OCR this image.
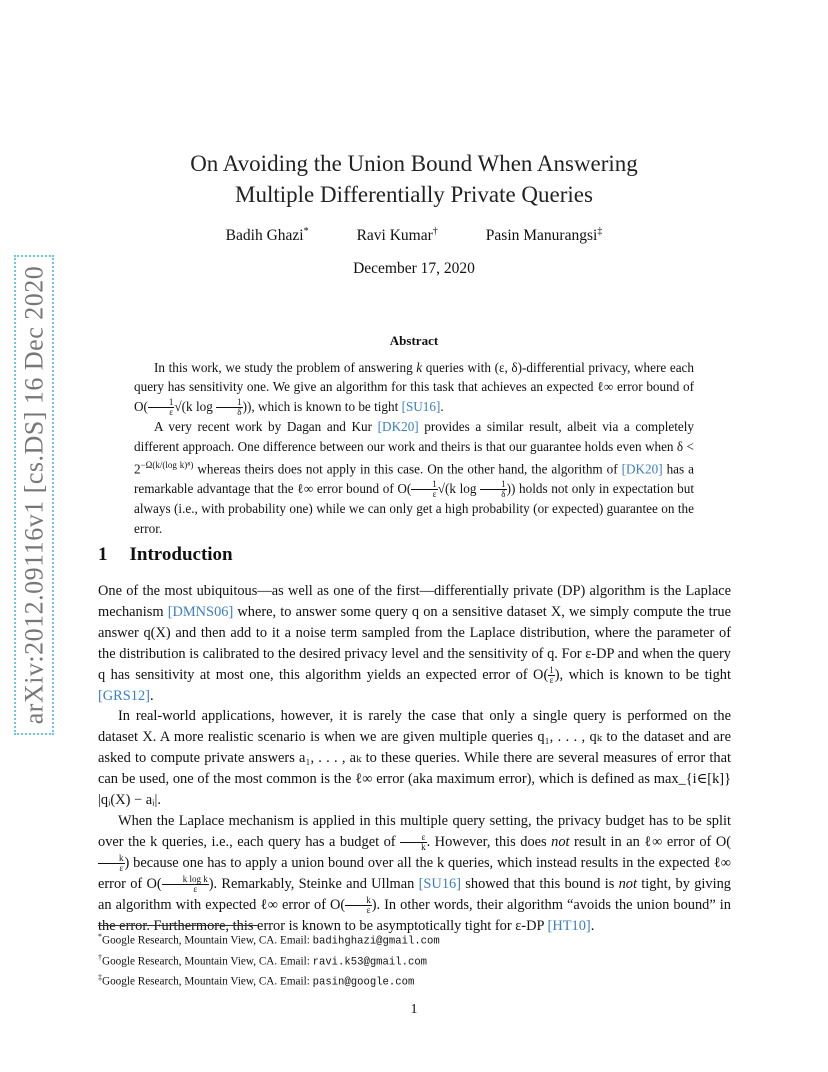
arXiv:2012.09116v1 [cs.DS] 16 Dec 2020
On Avoiding the Union Bound When Answering
Multiple Differentially Private Queries
Badih Ghazi*	Ravi Kumar†	Pasin Manurangsi‡
December 17, 2020
Abstract

In this work, we study the problem of answering k queries with (ε, δ)-differential privacy, where each query has sensitivity one. We give an algorithm for this task that achieves an expected ℓ∞ error bound of $O( \frac{1}{\varepsilon} √(k$ $\log \frac{1}{\delta}$ )), which is known to be tight [SU16].

A very recent work by Dagan and Kur [DK20] provides a similar result, albeit via a completely different approach. One difference between our work and theirs is that our guarantee holds even when $\delta < 2^{-\Omega(k/(log k)^8)}$ whereas theirs does not apply in this case. On the other hand, the algorithm of [DK20] has a remarkable advantage that the ℓ∞ error bound of $O( \frac{1}{\varepsilon} √(k$ $\log \frac{1}{\delta}$ )) holds not only in expectation but always (i.e., with probability one) while we can only get a high probability (or expected) guarantee on the error.

1 Introduction

One of the most ubiquitous—as well as one of the first—differentially private (DP) algorithm is the Laplace mechanism [DMNS06] where, to answer some query q on a sensitive dataset X, we simply compute the true answer q(X) and then add to it a noise term sampled from the Laplace distribution, where the parameter of the distribution is calibrated to the desired privacy level and the sensitivity of q. For ε-DP and when the query q has sensitivity at most one, this algorithm yields an expected error of $O( \frac{1}{\varepsilon}$ ), which is known to be tight [GRS12].

In real-world applications, however, it is rarely the case that only a single query is performed on the dataset X. A more realistic scenario is when we are given multiple queries q₁, . . . , qₖ to the dataset and are asked to compute private answers a₁, . . . , aₖ to these queries. While there are several measures of error that can be used, one of the most common is the ℓ∞ error (aka maximum error), which is defined as max_{i∈[k]} |qᵢ(X) − aᵢ|.

When the Laplace mechanism is applied in this multiple query setting, the privacy budget has to be split over the k queries, i.e., each query has a budget of $\frac{\varepsilon}{k}$ . However, this does not result in an ℓ∞ error of O(
$\frac{k}{\varepsilon}$ ) because one has to apply a union bound over all the k queries, which instead results in the expected ℓ∞ error of $O( \frac{\text{k log k}}{\varepsilon}$ ). Remarkably, Steinke and Ullman [SU16] showed that this bound is not tight, by giving an algorithm with expected ℓ∞ error of $O( \frac{k}{\varepsilon}$ ). In other words, their algorithm “avoids the union bound” in the error. Furthermore, this error is known to be asymptotically tight for ε-DP [HT10].

*Google Research, Mountain View, CA. Email: badihghazi@gmail.com
†Google Research, Mountain View, CA. Email: ravi.k53@gmail.com
‡Google Research, Mountain View, CA. Email: pasin@google.com
1
